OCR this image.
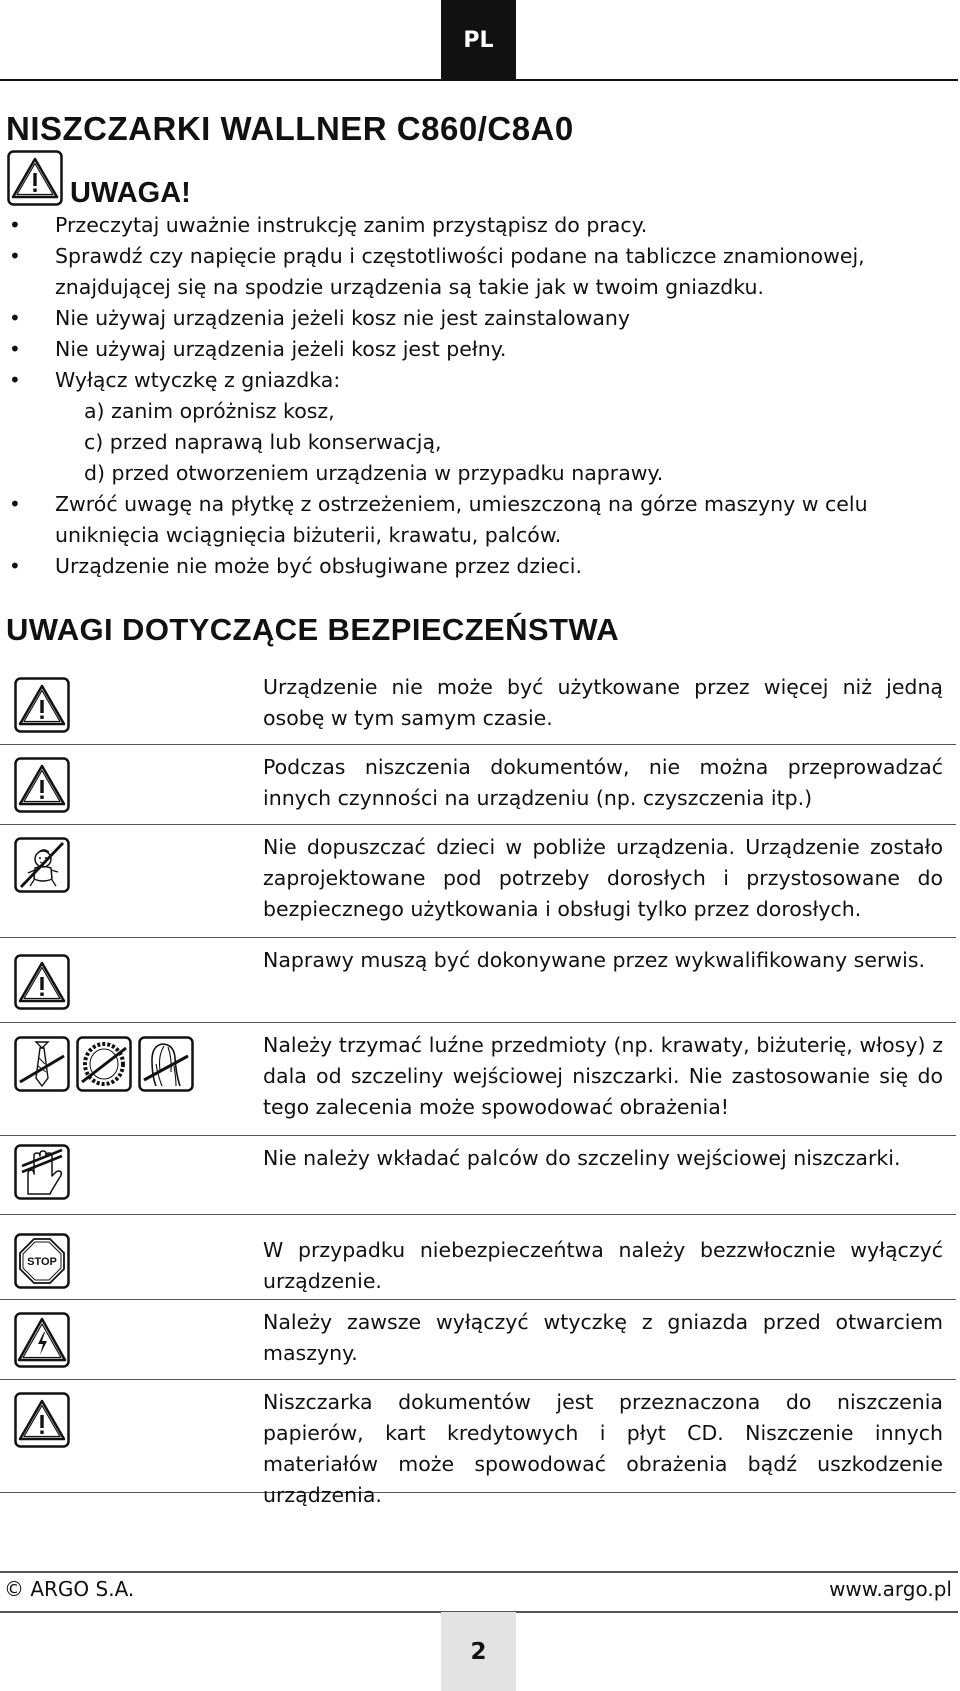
PL
NISZCZARKI WALLNER C860/C8A0
UWAGA!
• Przeczytaj uważnie instrukcję zanim przystąpisz do pracy.
• Sprawdź czy napięcie prądu i częstotliwości podane na tabliczce znamionowej, znajdującej się na spodzie urządzenia są takie jak w twoim gniazdku.
• Nie używaj urządzenia jeżeli kosz nie jest zainstalowany
• Nie używaj urządzenia jeżeli kosz jest pełny.
• Wyłącz wtyczkę z gniazdka:
a) zanim opróżnisz kosz,
c) przed naprawą lub konserwacją,
d) przed otworzeniem urządzenia w przypadku naprawy.
• Zwróć uwagę na płytkę z ostrzeżeniem, umieszczoną na górze maszyny w celu uniknięcia wciągnięcia biżuterii, krawatu, palców.
• Urządzenie nie może być obsługiwane przez dzieci.
UWAGI DOTYCZĄCE BEZPIECZEŃSTWA
Urządzenie nie może być użytkowane przez więcej niż jedną osobę w tym samym czasie.
Podczas niszczenia dokumentów, nie można przeprowadzać innych czynności na urządzeniu (np. czyszczenia itp.)
Nie dopuszczać dzieci w pobliże urządzenia. Urządzenie zostało zaprojektowane pod potrzeby dorosłych i przystosowane do bezpiecznego użytkowania i obsługi tylko przez dorosłych.
Naprawy muszą być dokonywane przez wykwalifikowany serwis.
Należy trzymać luźne przedmioty (np. krawaty, biżuterię, włosy) z dala od szczeliny wejściowej niszczarki. Nie zastosowanie się do tego zalecenia może spowodować obrażenia!
Nie należy wkładać palców do szczeliny wejściowej niszczarki.
STOP	W przypadku niebezpieczeńtwa należy bezzwłocznie wyłączyć urządzenie.
Należy zawsze wyłączyć wtyczkę z gniazda przed otwarciem maszyny.
Niszczarka dokumentów jest przeznaczona do niszczenia papierów, kart kredytowych i płyt CD. Niszczenie innych materiałów może spowodować obrażenia bądź uszkodzenie urządzenia.
© ARGO S.A.	www.argo.pl
2
